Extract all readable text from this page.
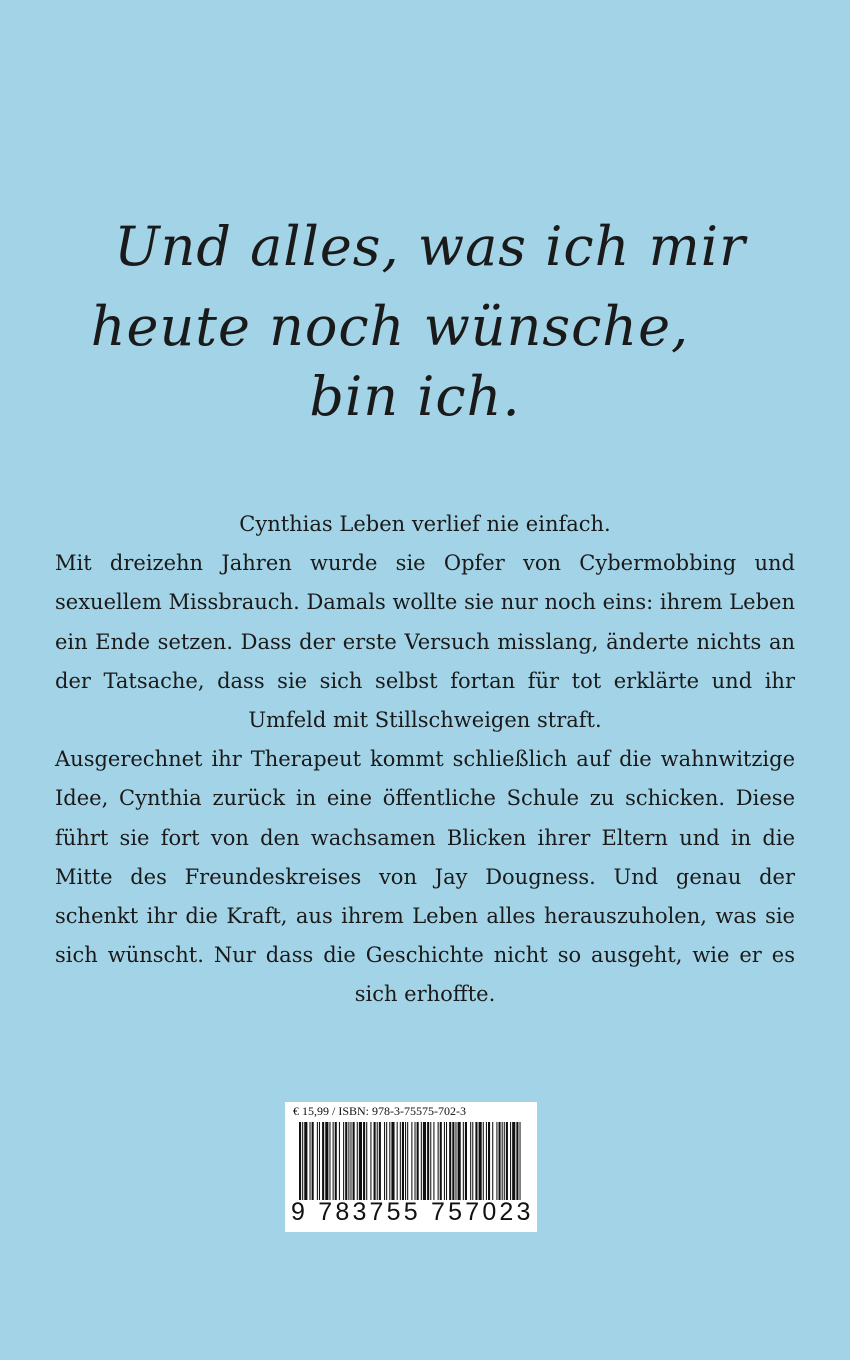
Und alles, was ich mir
heute noch wünsche,
bin ich.

Cynthias Leben verlief nie einfach.

Mit dreizehn Jahren wurde sie Opfer von Cybermobbing und sexuellem Missbrauch. Damals wollte sie nur noch eins: ihrem Leben ein Ende setzen. Dass der erste Versuch misslang, änderte nichts an der Tatsache, dass sie sich selbst fortan für tot erklärte und ihr Umfeld mit Stillschweigen straft.

Ausgerechnet ihr Therapeut kommt schließlich auf die wahnwitzige Idee, Cynthia zurück in eine öffentliche Schule zu schicken. Diese führt sie fort von den wachsamen Blicken ihrer Eltern und in die Mitte des Freundeskreises von Jay Dougness. Und genau der schenkt ihr die Kraft, aus ihrem Leben alles herauszuholen, was sie sich wünscht. Nur dass die Geschichte nicht so ausgeht, wie er es sich erhoffte.

€ 15,99 / ISBN: 978-3-75575-702-3
9 783755 757023
